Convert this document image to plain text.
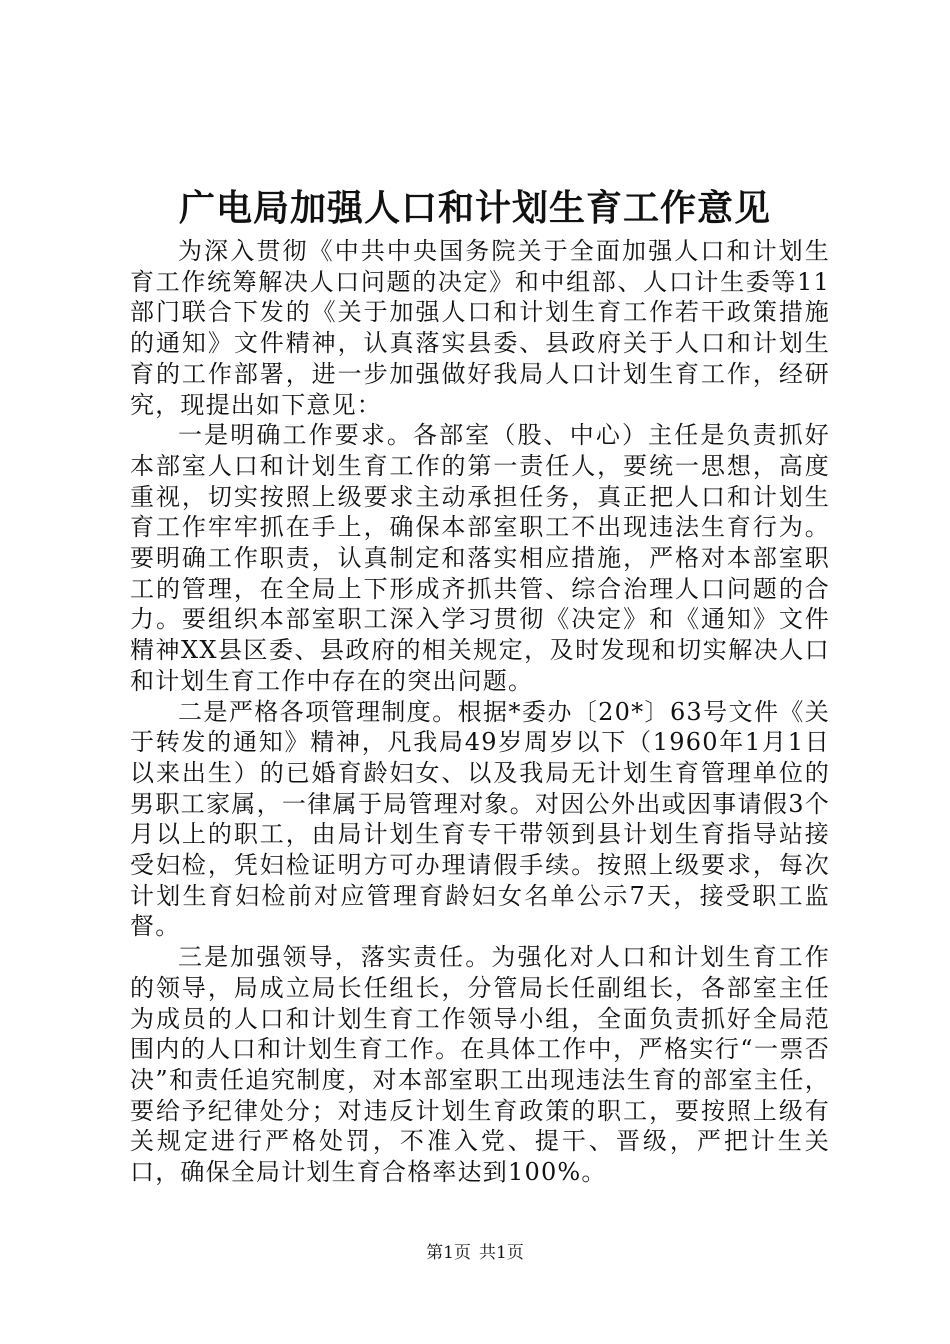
广电局加强人口和计划生育工作意见

为深入贯彻《中共中央国务院关于全面加强人口和计划生育工作统筹解决人口问题的决定》和中组部、人口计生委等11部门联合下发的《关于加强人口和计划生育工作若干政策措施的通知》文件精神，认真落实县委、县政府关于人口和计划生育的工作部署，进一步加强做好我局人口计划生育工作，经研究，现提出如下意见：

一是明确工作要求。各部室（股、中心）主任是负责抓好本部室人口和计划生育工作的第一责任人，要统一思想，高度重视，切实按照上级要求主动承担任务，真正把人口和计划生育工作牢牢抓在手上，确保本部室职工不出现违法生育行为。要明确工作职责，认真制定和落实相应措施，严格对本部室职工的管理，在全局上下形成齐抓共管、综合治理人口问题的合力。要组织本部室职工深入学习贯彻《决定》和《通知》文件精神XX县区委、县政府的相关规定，及时发现和切实解决人口和计划生育工作中存在的突出问题。

二是严格各项管理制度。根据*委办〔20*〕63号文件《关于转发的通知》精神，凡我局49岁周岁以下（1960年1月1日以来出生）的已婚育龄妇女、以及我局无计划生育管理单位的男职工家属，一律属于局管理对象。对因公外出或因事请假3个月以上的职工，由局计划生育专干带领到县计划生育指导站接受妇检，凭妇检证明方可办理请假手续。按照上级要求，每次计划生育妇检前对应管理育龄妇女名单公示7天，接受职工监督。

三是加强领导，落实责任。为强化对人口和计划生育工作的领导，局成立局长任组长，分管局长任副组长，各部室主任为成员的人口和计划生育工作领导小组，全面负责抓好全局范围内的人口和计划生育工作。在具体工作中，严格实行“一票否决”和责任追究制度，对本部室职工出现违法生育的部室主任，要给予纪律处分；对违反计划生育政策的职工，要按照上级有关规定进行严格处罚，不准入党、提干、晋级，严把计生关口，确保全局计划生育合格率达到100%。

第1页 共1页
